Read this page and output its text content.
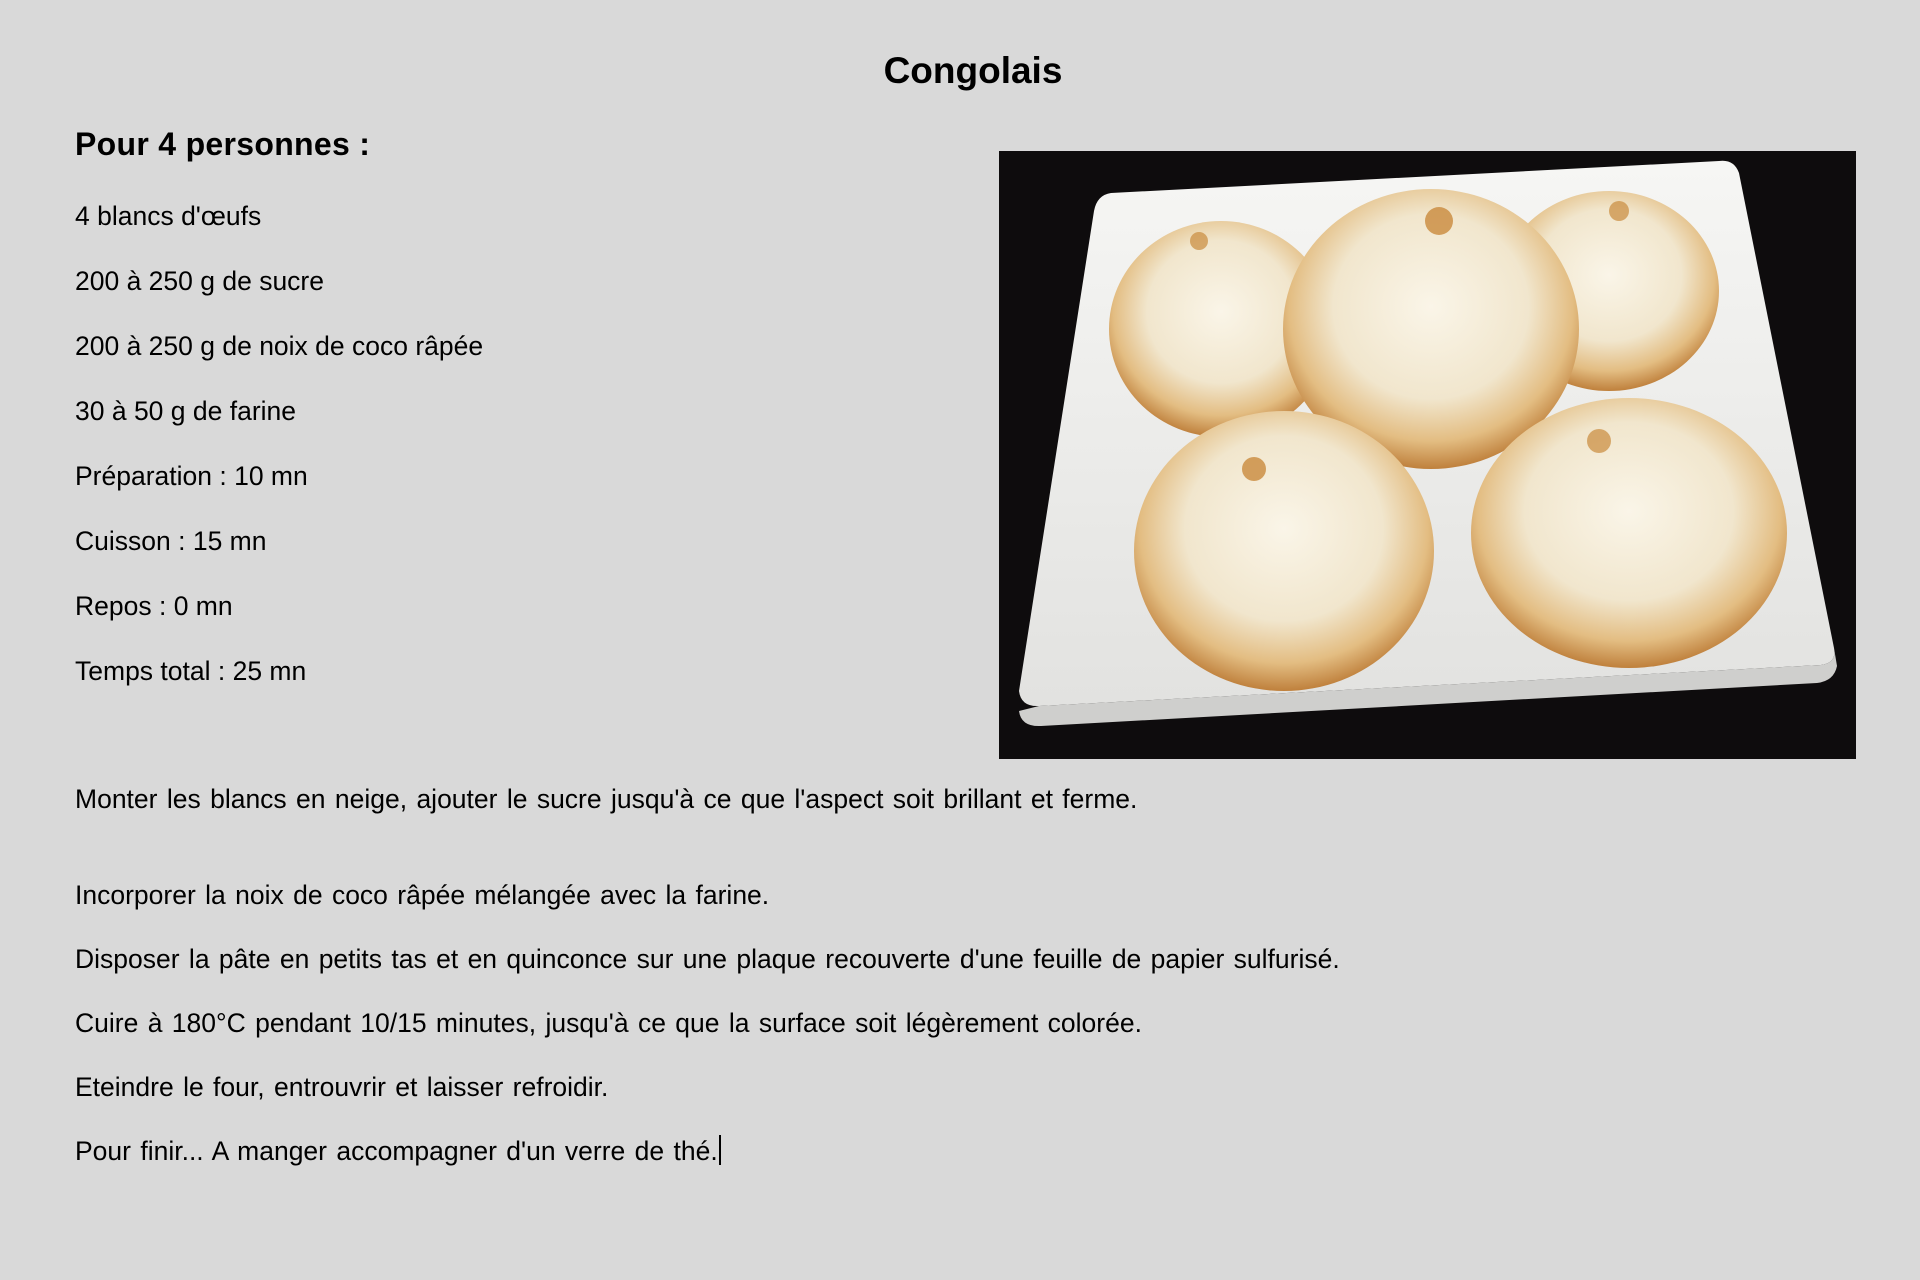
Congolais
Pour 4 personnes :
4 blancs d'œufs
200 à 250 g de sucre
200 à 250 g de noix de coco râpée
30 à 50 g de farine
Préparation : 10 mn
Cuisson : 15 mn
Repos : 0 mn
Temps total : 25 mn
Monter les blancs en neige, ajouter le sucre jusqu'à ce que l'aspect soit brillant et ferme.
Incorporer la noix de coco râpée mélangée avec la farine.
Disposer la pâte en petits tas et en quinconce sur une plaque recouverte d'une feuille de papier sulfurisé.
Cuire à 180°C pendant 10/15 minutes, jusqu'à ce que la surface soit légèrement colorée.
Eteindre le four, entrouvrir et laisser refroidir.
Pour finir... A manger accompagner d'un verre de thé.
